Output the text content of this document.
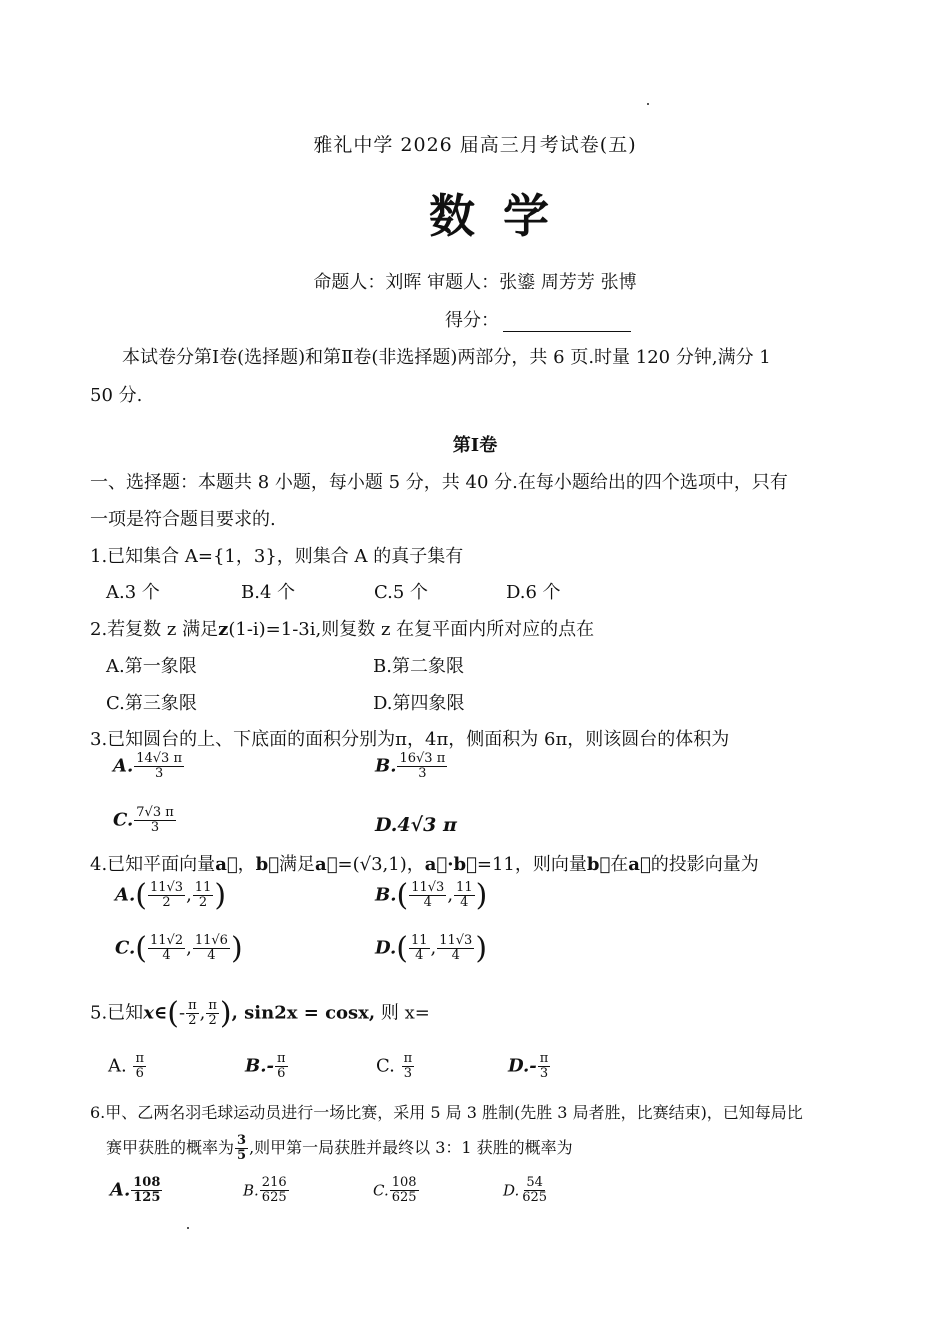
雅礼中学 2026 届高三月考试卷(五)
数学
命题人：刘晖 审题人：张鎏 周芳芳 张博
得分：
本试卷分第Ⅰ卷(选择题)和第Ⅱ卷(非选择题)两部分，共 6 页.时量 120 分钟,满分 1
50 分.
第Ⅰ卷
一、选择题：本题共 8 小题，每小题 5 分，共 40 分.在每小题给出的四个选项中，只有
一项是符合题目要求的.
1.已知集合 A={1，3}，则集合 A 的真子集有
A.3 个	B.4 个	C.5 个	D.6 个
2.若复数 z 满足z(1-i)=1-3i,则复数 z 在复平面内所对应的点在
A.第一象限	B.第二象限
C.第三象限	D.第四象限
3.已知圆台的上、下底面的面积分别为π，4π，侧面积为 6π，则该圆台的体积为
A. $\frac{14√3 \pi}{3}$	B. $\frac{16√3 \pi}{3}$
C. $\frac{7√3 \pi}{3}$	D.4√3 π
4.已知平面向量a⃗，b⃗满足a⃗=(√3,1)，a⃗·b⃗=11，则向量b⃗在a⃗的投影向量为
$A.( \frac{11√3}{2}$ , $\frac{11}{2}$ )	$B.( \frac{11√3}{4}$ , $\frac{11}{4}$ )
$C.( \frac{11√2}{4}$ , $\frac{11√6}{4}$ )	$D.( \frac{11}{4}$ , $\frac{11√3}{4}$ )
5.已知x∈(- $\frac{\pi}{2}$ , $\frac{\pi}{2}$ ), sin2x = cosx, 则 x=
A. $\frac{\pi}{6}$	$B.- \frac{\pi}{6}$	C. $\frac{\pi}{3}$	$D.- \frac{\pi}{3}$
6.甲、乙两名羽毛球运动员进行一场比赛，采用 5 局 3 胜制(先胜 3 局者胜，比赛结束)，已知每局比
赛甲获胜的概率为 $\frac{3}{5}$ ,则甲第一局获胜并最终以 3：1 获胜的概率为
A. $\frac{108}{125}$	B. $\frac{216}{625}$	C. $\frac{108}{625}$	D. $\frac{54}{625}$
